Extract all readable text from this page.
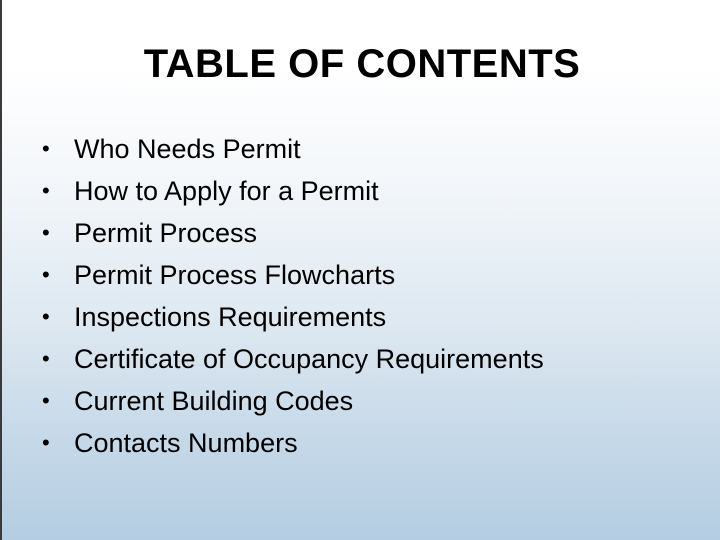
TABLE OF CONTENTS
• Who Needs Permit
• How to Apply for a Permit
• Permit Process
• Permit Process Flowcharts
• Inspections Requirements
• Certificate of Occupancy Requirements
• Current Building Codes
• Contacts Numbers
